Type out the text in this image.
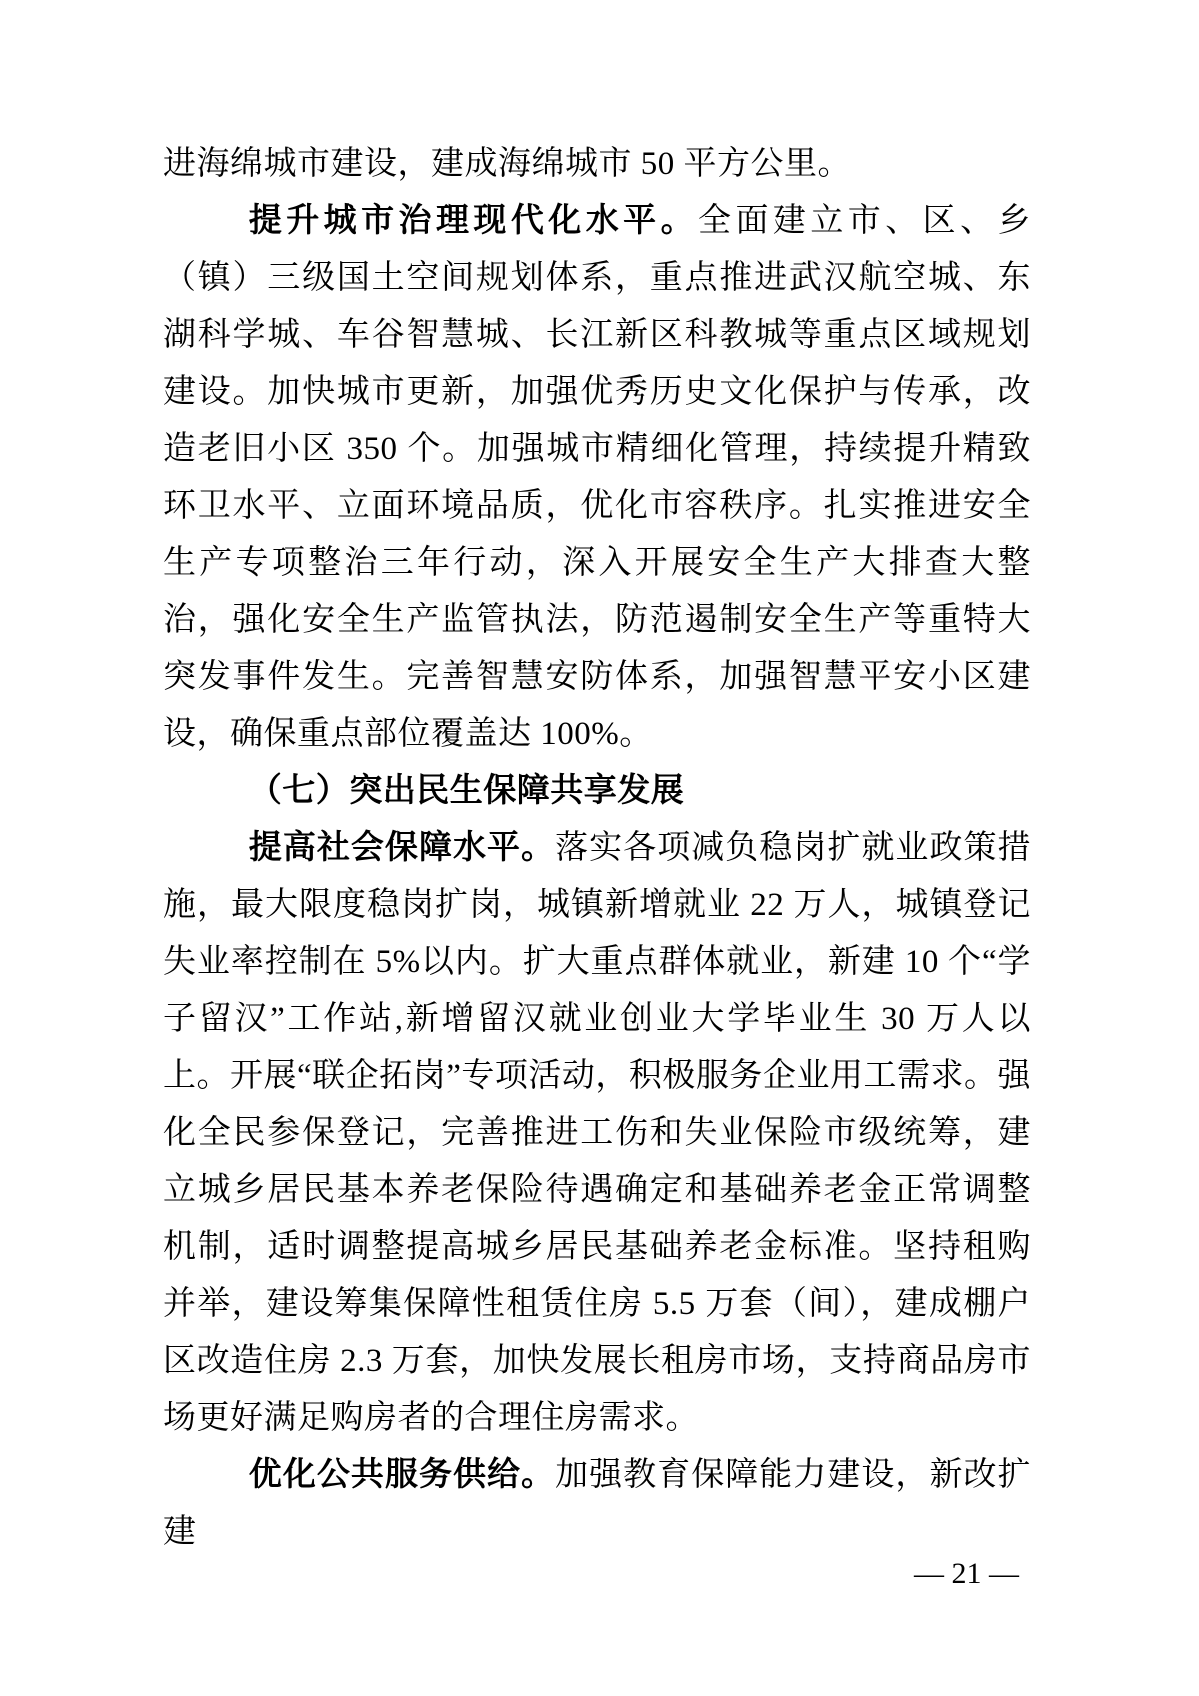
进海绵城市建设，建成海绵城市 50 平方公里。

提升城市治理现代化水平。全面建立市、区、乡（镇）三级国土空间规划体系，重点推进武汉航空城、东湖科学城、车谷智慧城、长江新区科教城等重点区域规划建设。加快城市更新，加强优秀历史文化保护与传承，改造老旧小区 350 个。加强城市精细化管理，持续提升精致环卫水平、立面环境品质，优化市容秩序。扎实推进安全生产专项整治三年行动，深入开展安全生产大排查大整治，强化安全生产监管执法，防范遏制安全生产等重特大突发事件发生。完善智慧安防体系，加强智慧平安小区建设，确保重点部位覆盖达 100%。

（七）突出民生保障共享发展

提高社会保障水平。落实各项减负稳岗扩就业政策措施，最大限度稳岗扩岗，城镇新增就业 22 万人，城镇登记失业率控制在 5%以内。扩大重点群体就业，新建 10 个“学子留汉”工作站,新增留汉就业创业大学毕业生 30 万人以上。开展“联企拓岗”专项活动，积极服务企业用工需求。强化全民参保登记，完善推进工伤和失业保险市级统筹，建立城乡居民基本养老保险待遇确定和基础养老金正常调整机制，适时调整提高城乡居民基础养老金标准。坚持租购并举，建设筹集保障性租赁住房 5.5 万套（间），建成棚户区改造住房 2.3 万套，加快发展长租房市场，支持商品房市场更好满足购房者的合理住房需求。

优化公共服务供给。加强教育保障能力建设，新改扩建

— 21 —
